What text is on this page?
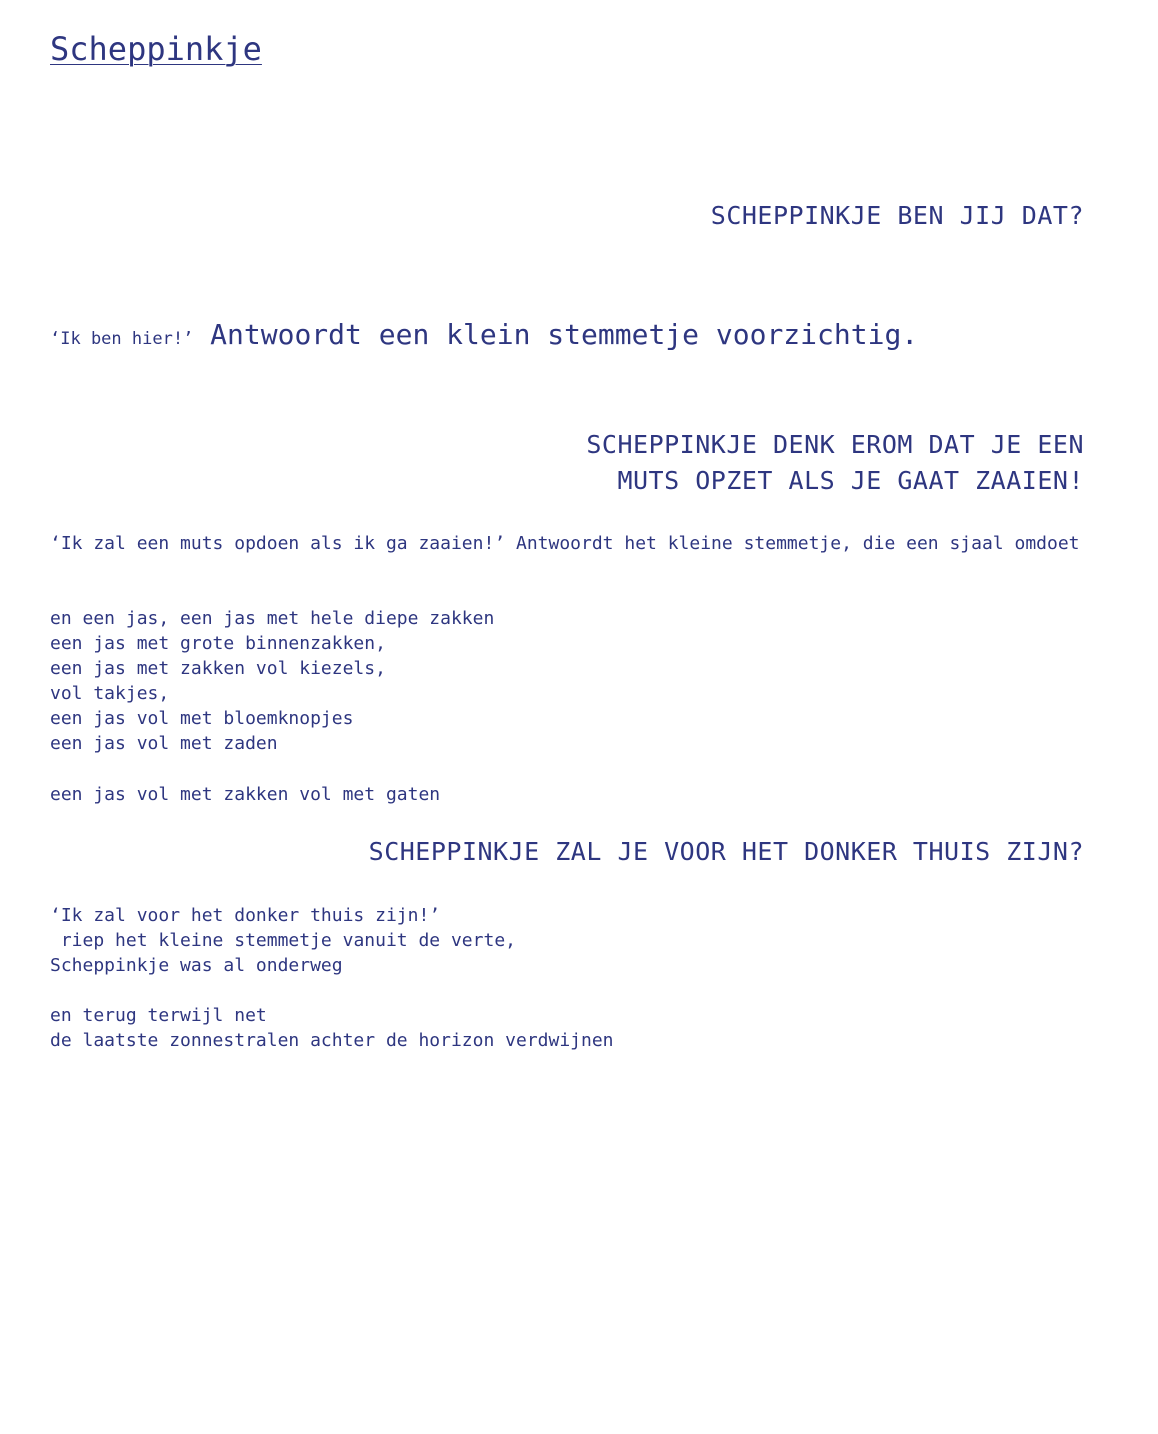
Scheppinkje
SCHEPPINKJE BEN JIJ DAT?
‘Ik ben hier!’ Antwoordt een klein stemmetje voorzichtig.
SCHEPPINKJE DENK EROM DAT JE EEN
MUTS OPZET ALS JE GAAT ZAAIEN!
‘Ik zal een muts opdoen als ik ga zaaien!’ Antwoordt het kleine stemmetje, die een sjaal omdoet
en een jas, een jas met hele diepe zakken
een jas met grote binnenzakken,
een jas met zakken vol kiezels,
vol takjes,
een jas vol met bloemknopjes
een jas vol met zaden
een jas vol met zakken vol met gaten
SCHEPPINKJE ZAL JE VOOR HET DONKER THUIS ZIJN?
‘Ik zal voor het donker thuis zijn!’
riep het kleine stemmetje vanuit de verte,
Scheppinkje was al onderweg
en terug terwijl net
de laatste zonnestralen achter de horizon verdwijnen
